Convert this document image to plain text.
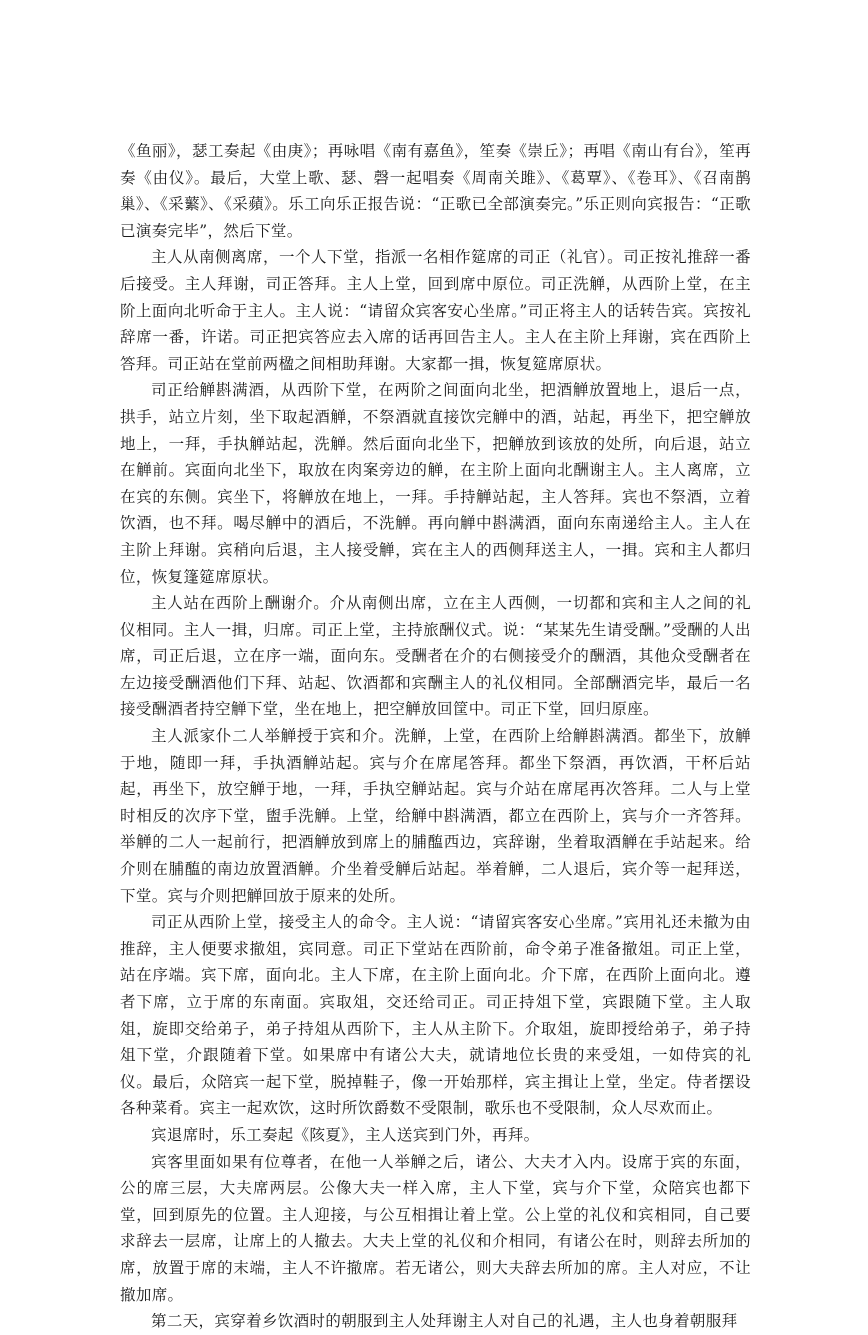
《鱼丽》，瑟工奏起《由庚》；再咏唱《南有嘉鱼》，笙奏《崇丘》；再唱《南山有台》，笙再奏《由仪》。最后，大堂上歌、瑟、磬一起唱奏《周南关雎》、《葛覃》、《卷耳》、《召南鹊巢》、《采蘩》、《采蘋》。乐工向乐正报告说：“正歌已全部演奏完。”乐正则向宾报告：“正歌已演奏完毕”，然后下堂。

主人从南侧离席，一个人下堂，指派一名相作筵席的司正（礼官）。司正按礼推辞一番后接受。主人拜谢，司正答拜。主人上堂，回到席中原位。司正洗觯，从西阶上堂，在主阶上面向北听命于主人。主人说：“请留众宾客安心坐席。”司正将主人的话转告宾。宾按礼辞席一番，许诺。司正把宾答应去入席的话再回告主人。主人在主阶上拜谢，宾在西阶上答拜。司正站在堂前两楹之间相助拜谢。大家都一揖，恢复筵席原状。

司正给觯斟满酒，从西阶下堂，在两阶之间面向北坐，把酒觯放置地上，退后一点，拱手，站立片刻，坐下取起酒觯，不祭酒就直接饮完觯中的酒，站起，再坐下，把空觯放地上，一拜，手执觯站起，洗觯。然后面向北坐下，把觯放到该放的处所，向后退，站立在觯前。宾面向北坐下，取放在肉案旁边的觯，在主阶上面向北酬谢主人。主人离席，立在宾的东侧。宾坐下，将觯放在地上，一拜。手持觯站起，主人答拜。宾也不祭酒，立着饮酒，也不拜。喝尽觯中的酒后，不洗觯。再向觯中斟满酒，面向东南递给主人。主人在主阶上拜谢。宾稍向后退，主人接受觯，宾在主人的西侧拜送主人，一揖。宾和主人都归位，恢复篷筵席原状。

主人站在西阶上酬谢介。介从南侧出席，立在主人西侧，一切都和宾和主人之间的礼仪相同。主人一揖，归席。司正上堂，主持旅酬仪式。说：“某某先生请受酬。”受酬的人出席，司正后退，立在序一端，面向东。受酬者在介的右侧接受介的酬酒，其他众受酬者在左边接受酬酒他们下拜、站起、饮酒都和宾酬主人的礼仪相同。全部酬酒完毕，最后一名接受酬酒者持空觯下堂，坐在地上，把空觯放回筐中。司正下堂，回归原座。

主人派家仆二人举觯授于宾和介。洗觯，上堂，在西阶上给觯斟满酒。都坐下，放觯于地，随即一拜，手执酒觯站起。宾与介在席尾答拜。都坐下祭酒，再饮酒，干杯后站起，再坐下，放空觯于地，一拜，手执空觯站起。宾与介站在席尾再次答拜。二人与上堂时相反的次序下堂，盥手洗觯。上堂，给觯中斟满酒，都立在西阶上，宾与介一齐答拜。举觯的二人一起前行，把酒觯放到席上的脯醢西边，宾辞谢，坐着取酒觯在手站起来。给介则在脯醢的南边放置酒觯。介坐着受觯后站起。举着觯，二人退后，宾介等一起拜送，下堂。宾与介则把觯回放于原来的处所。

司正从西阶上堂，接受主人的命令。主人说：“请留宾客安心坐席。”宾用礼还未撤为由推辞，主人便要求撤俎，宾同意。司正下堂站在西阶前，命令弟子准备撤俎。司正上堂，站在序端。宾下席，面向北。主人下席，在主阶上面向北。介下席，在西阶上面向北。遵者下席，立于席的东南面。宾取俎，交还给司正。司正持俎下堂，宾跟随下堂。主人取俎，旋即交给弟子，弟子持俎从西阶下，主人从主阶下。介取俎，旋即授给弟子，弟子持俎下堂，介跟随着下堂。如果席中有诸公大夫，就请地位长贵的来受俎，一如侍宾的礼仪。最后，众陪宾一起下堂，脱掉鞋子，像一开始那样，宾主揖让上堂，坐定。侍者摆设各种菜肴。宾主一起欢饮，这时所饮爵数不受限制，歌乐也不受限制，众人尽欢而止。

宾退席时，乐工奏起《陔夏》，主人送宾到门外，再拜。

宾客里面如果有位尊者，在他一人举觯之后，诸公、大夫才入内。设席于宾的东面，公的席三层，大夫席两层。公像大夫一样入席，主人下堂，宾与介下堂，众陪宾也都下堂，回到原先的位置。主人迎接，与公互相揖让着上堂。公上堂的礼仪和宾相同，自己要求辞去一层席，让席上的人撤去。大夫上堂的礼仪和介相同，有诸公在时，则辞去所加的席，放置于席的末端，主人不许撤席。若无诸公，则大夫辞去所加的席。主人对应，不让撤加席。

第二天，宾穿着乡饮酒时的朝服到主人处拜谢主人对自己的礼遇，主人也身着朝服拜
